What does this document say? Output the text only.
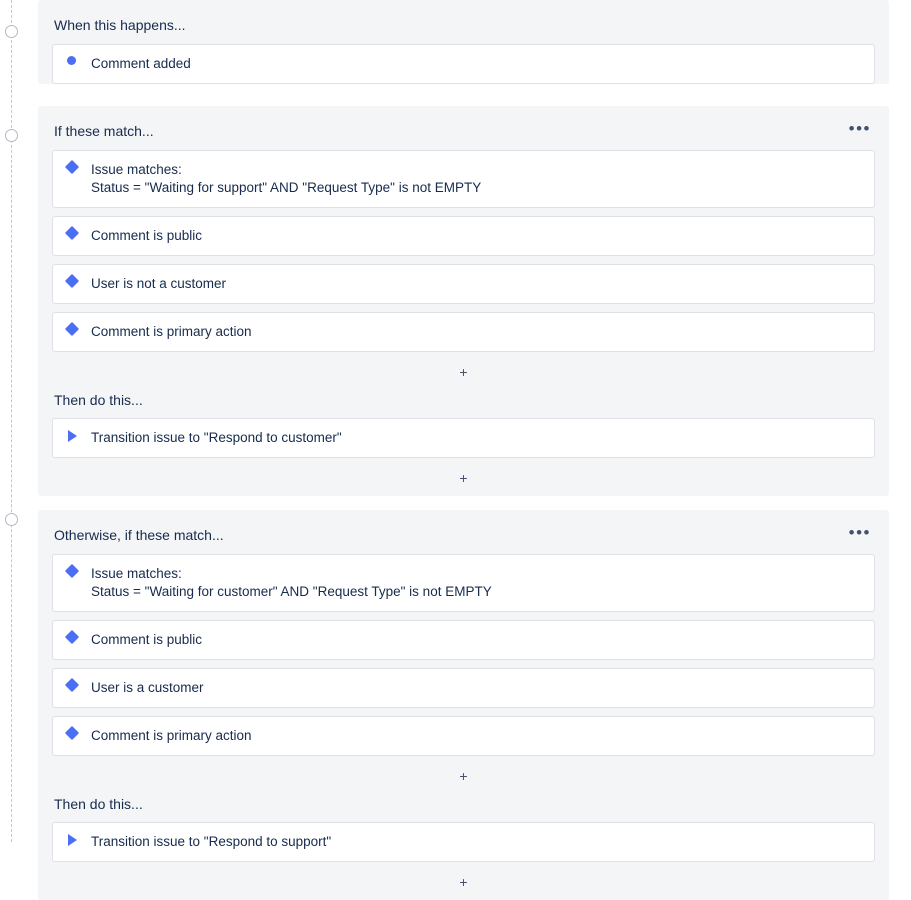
When this happens...
Comment added
If these match...	•••
Issue matches:
Status = "Waiting for support" AND "Request Type" is not EMPTY
Comment is public
User is not a customer
Comment is primary action
+
Then do this...
Transition issue to "Respond to customer"
+
Otherwise, if these match...	•••
Issue matches:
Status = "Waiting for customer" AND "Request Type" is not EMPTY
Comment is public
User is a customer
Comment is primary action
+
Then do this...
Transition issue to "Respond to support"
+
